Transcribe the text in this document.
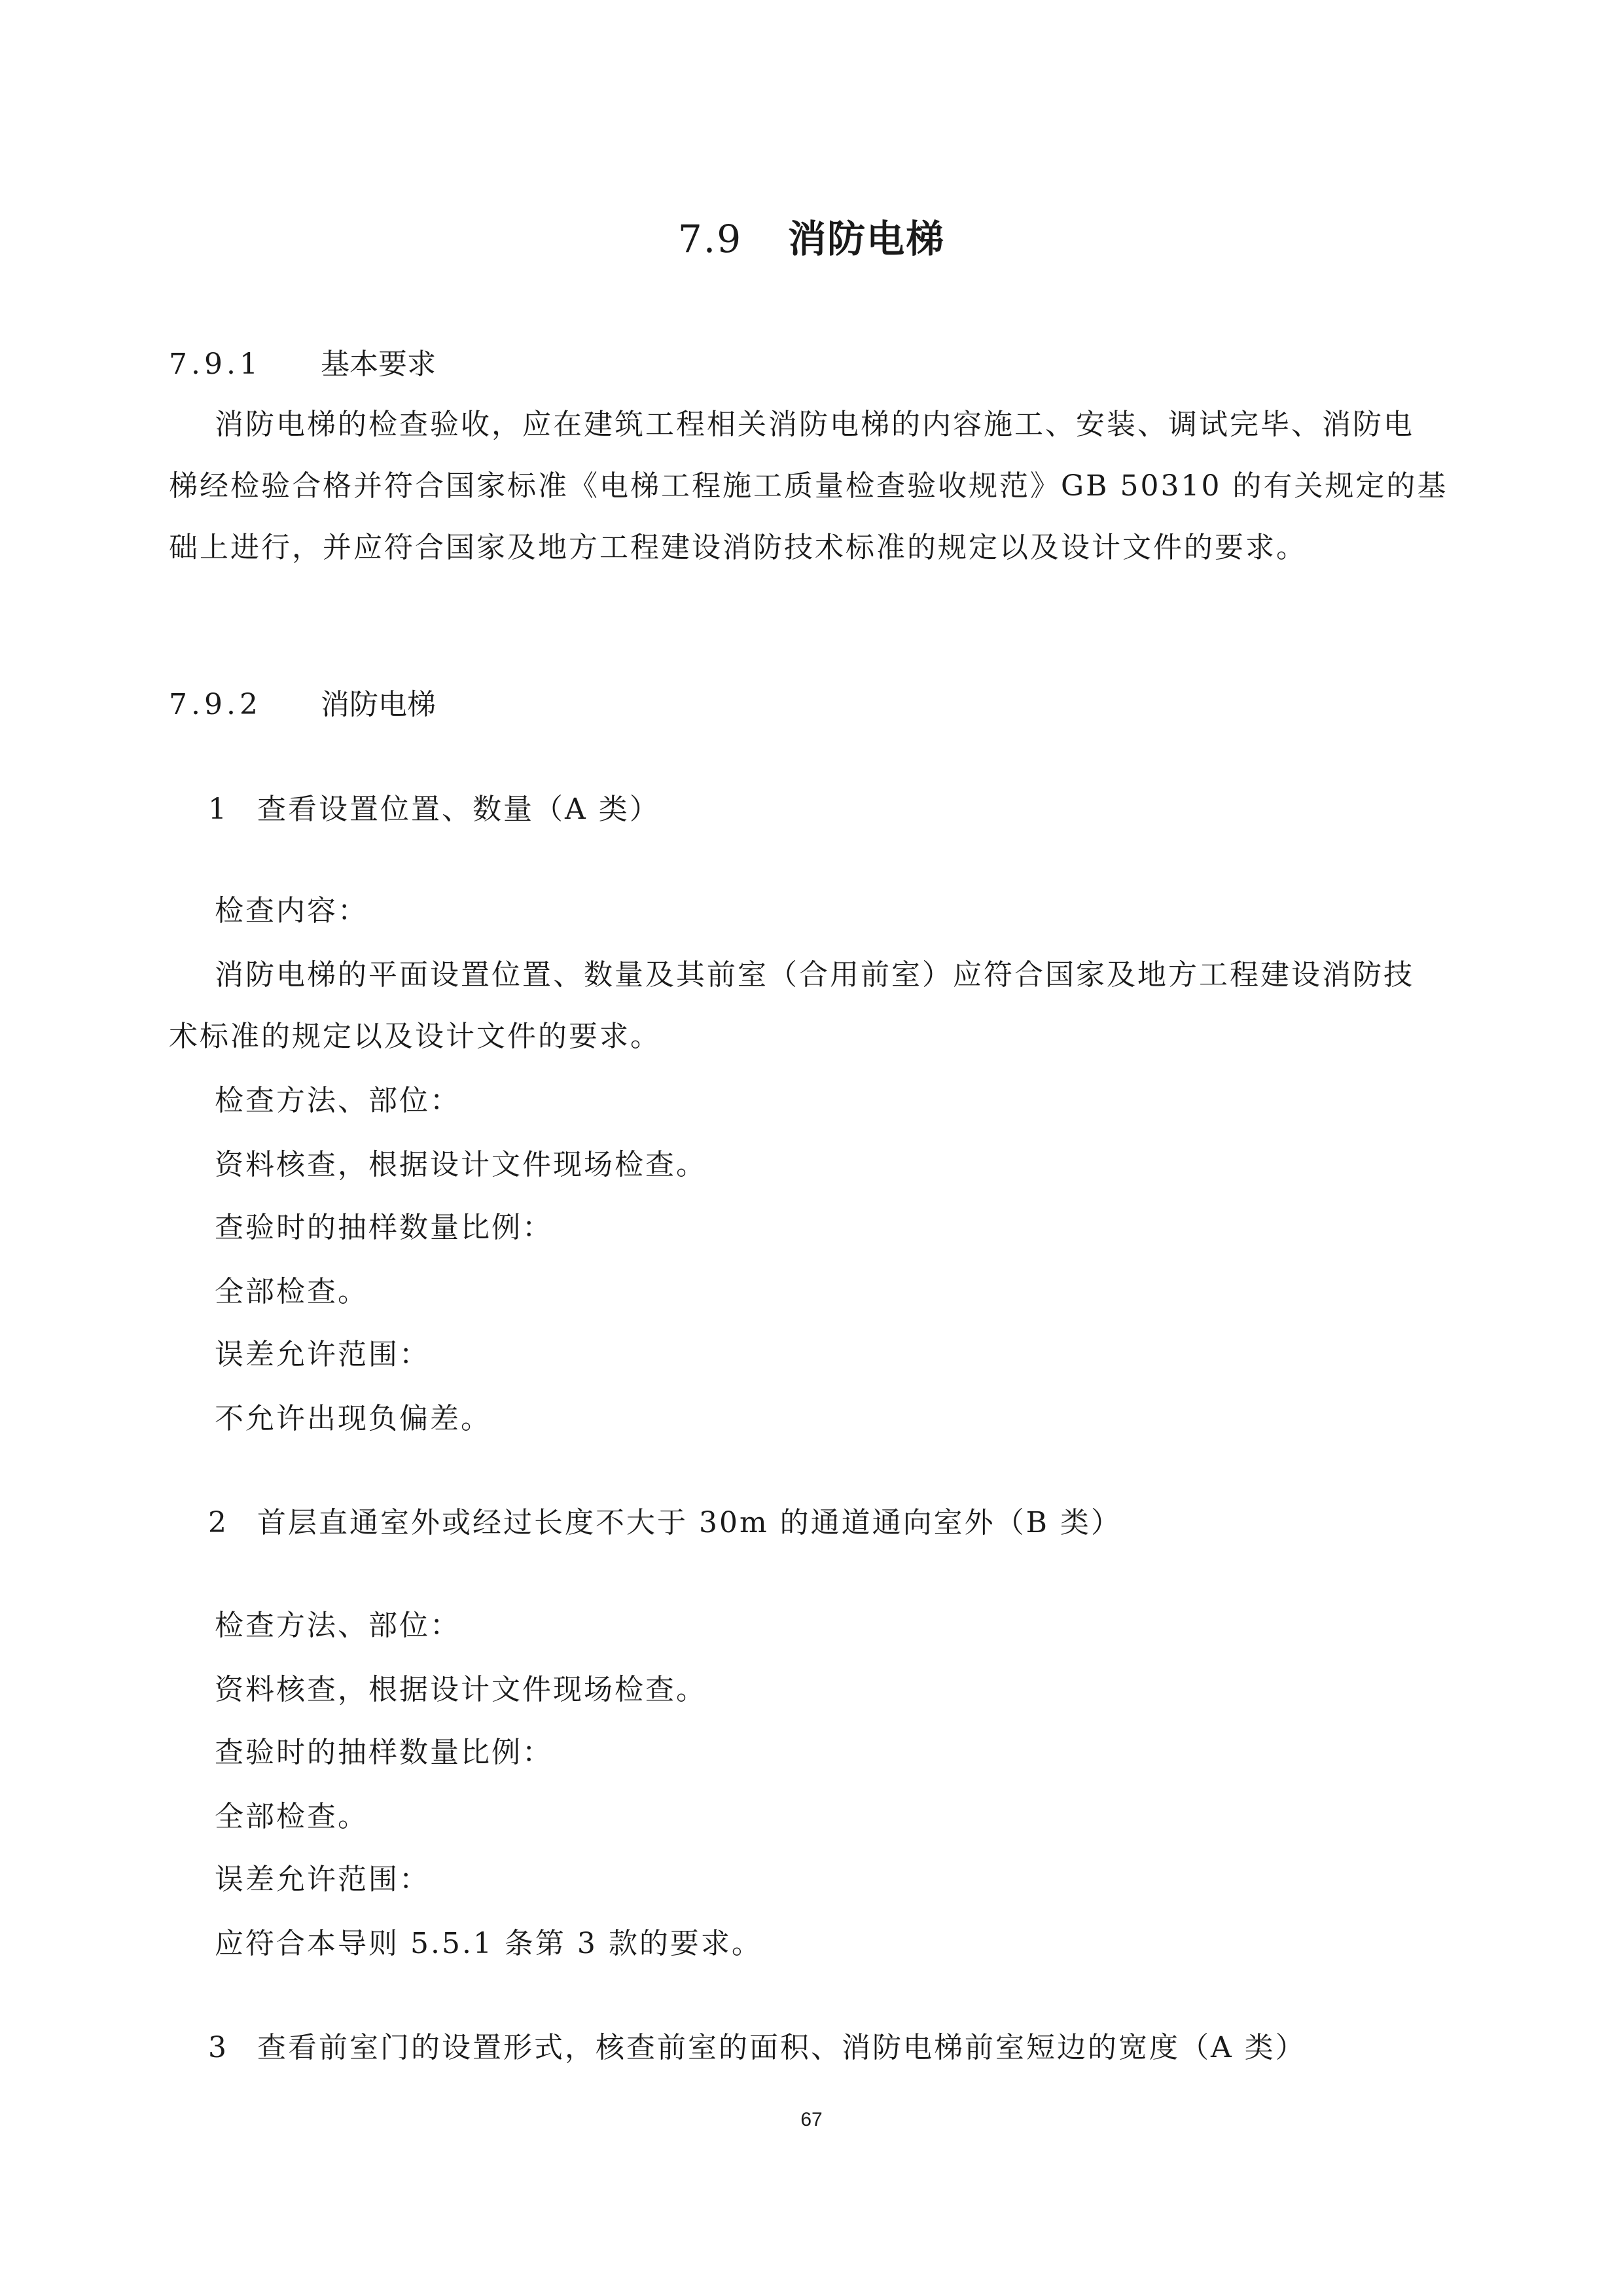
7.9 消防电梯
7.9.1 基本要求
消防电梯的检查验收，应在建筑工程相关消防电梯的内容施工、安装、调试完毕、消防电
梯经检验合格并符合国家标准《电梯工程施工质量检查验收规范》GB 50310 的有关规定的基
础上进行，并应符合国家及地方工程建设消防技术标准的规定以及设计文件的要求。
7.9.2 消防电梯
1 查看设置位置、数量（A 类）
检查内容：
消防电梯的平面设置位置、数量及其前室（合用前室）应符合国家及地方工程建设消防技
术标准的规定以及设计文件的要求。
检查方法、部位：
资料核查，根据设计文件现场检查。
查验时的抽样数量比例：
全部检查。
误差允许范围：
不允许出现负偏差。
2 首层直通室外或经过长度不大于 30m 的通道通向室外（B 类）
检查方法、部位：
资料核查，根据设计文件现场检查。
查验时的抽样数量比例：
全部检查。
误差允许范围：
应符合本导则 5.5.1 条第 3 款的要求。
3 查看前室门的设置形式，核查前室的面积、消防电梯前室短边的宽度（A 类）
67
